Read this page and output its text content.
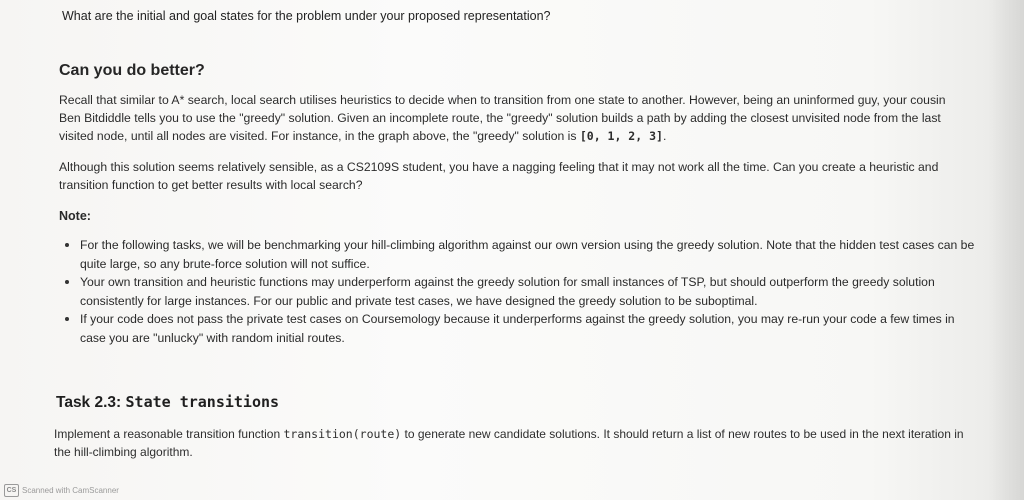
What are the initial and goal states for the problem under your proposed representation?
Can you do better?
Recall that similar to A* search, local search utilises heuristics to decide when to transition from one state to another. However, being an uninformed guy, your cousin Ben Bitdiddle tells you to use the "greedy" solution. Given an incomplete route, the "greedy" solution builds a path by adding the closest unvisited node from the last visited node, until all nodes are visited. For instance, in the graph above, the "greedy" solution is [0, 1, 2, 3].
Although this solution seems relatively sensible, as a CS2109S student, you have a nagging feeling that it may not work all the time. Can you create a heuristic and transition function to get better results with local search?
Note:
For the following tasks, we will be benchmarking your hill-climbing algorithm against our own version using the greedy solution. Note that the hidden test cases can be quite large, so any brute-force solution will not suffice.
Your own transition and heuristic functions may underperform against the greedy solution for small instances of TSP, but should outperform the greedy solution consistently for large instances. For our public and private test cases, we have designed the greedy solution to be suboptimal.
If your code does not pass the private test cases on Coursemology because it underperforms against the greedy solution, you may re-run your code a few times in case you are "unlucky" with random initial routes.
Task 2.3: State transitions
Implement a reasonable transition function transition(route) to generate new candidate solutions. It should return a list of new routes to be used in the next iteration in the hill-climbing algorithm.
CS Scanned with CamScanner
